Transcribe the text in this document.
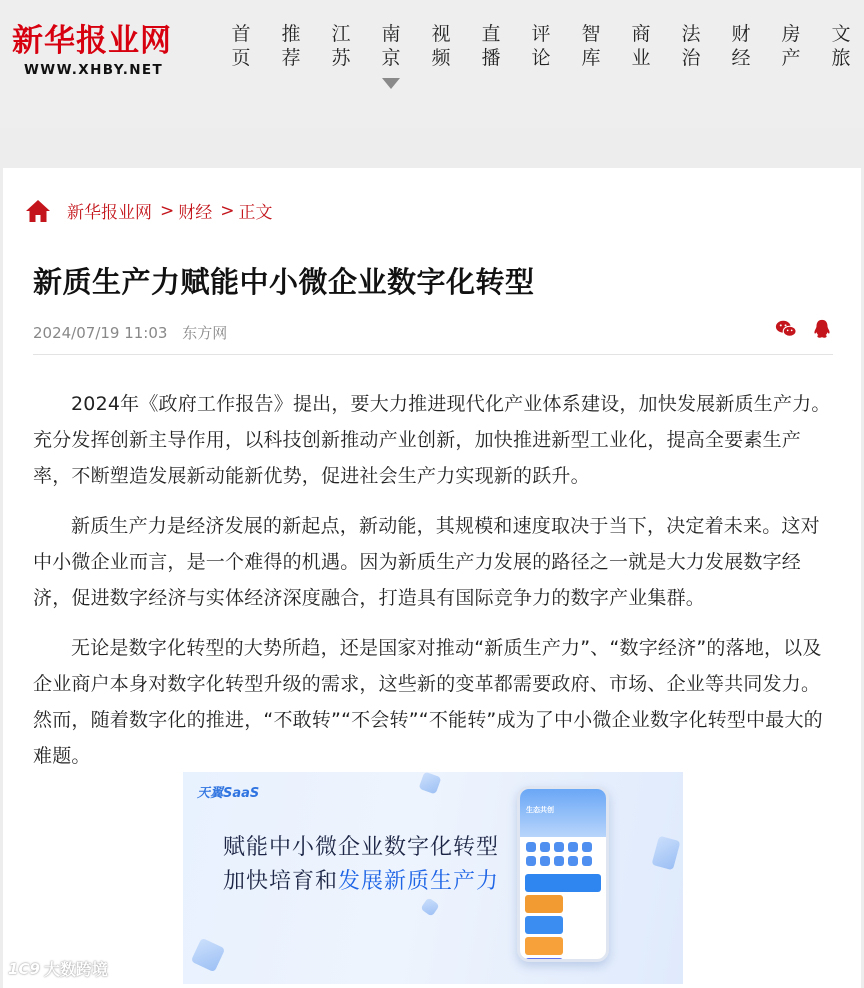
新华报业网
WWW.XHBY.NET
首
页
推
荐
江
苏
南
京
视
频
直
播
评
论
智
库
商
业
法
治
财
经
房
产
文
旅
新华报业网 > 财经 > 正文
新质生产力赋能中小微企业数字化转型
2024/07/19 11:03 东方网

2024年《政府工作报告》提出，要大力推进现代化产业体系建设，加快发展新质生产力。充分发挥创新主导作用，以科技创新推动产业创新，加快推进新型工业化，提高全要素生产率，不断塑造发展新动能新优势，促进社会生产力实现新的跃升。

新质生产力是经济发展的新起点，新动能，其规模和速度取决于当下，决定着未来。这对中小微企业而言，是一个难得的机遇。因为新质生产力发展的路径之一就是大力发展数字经济，促进数字经济与实体经济深度融合，打造具有国际竞争力的数字产业集群。

无论是数字化转型的大势所趋，还是国家对推动“新质生产力”、“数字经济”的落地，以及企业商户本身对数字化转型升级的需求，这些新的变革都需要政府、市场、企业等共同发力。然而，随着数字化的推进，“不敢转”“不会转”“不能转”成为了中小微企业数字化转型中最大的难题。

天翼SaaS
赋能中小微企业数字化转型
加快培育和发展新质生产力
生态共创
1C9 大数跨境
